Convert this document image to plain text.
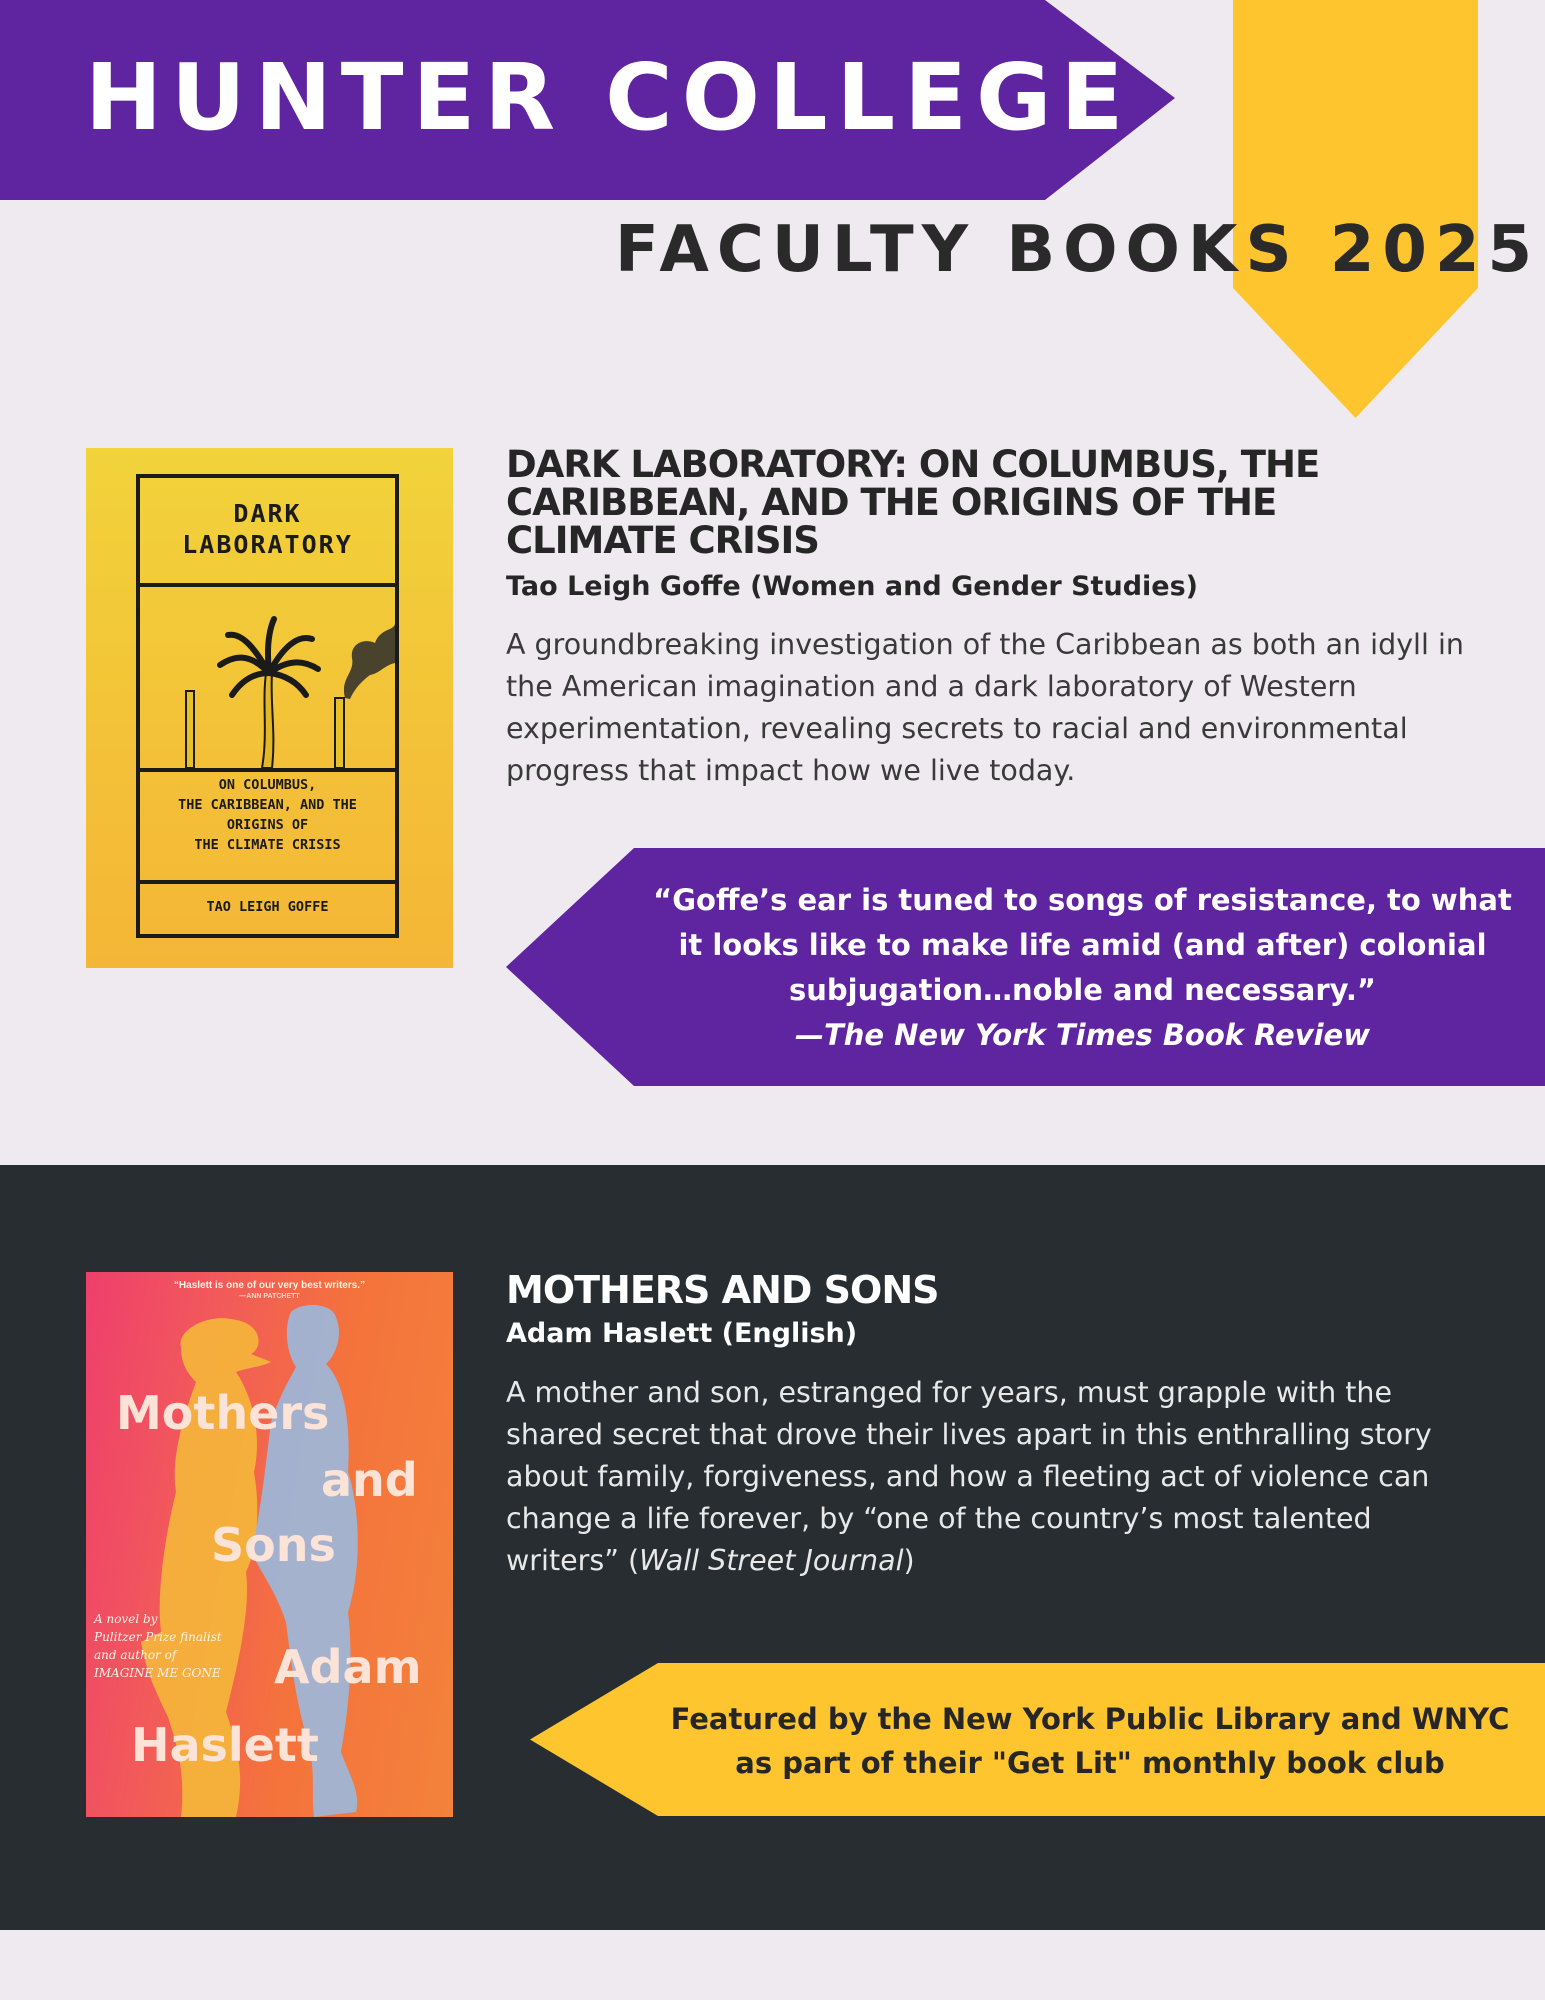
HUNTER COLLEGE
FACULTY BOOKS 2025
DARK
LABORATORY
ON COLUMBUS,
THE CARIBBEAN, AND THE
ORIGINS OF
THE CLIMATE CRISIS
TAO LEIGH GOFFE
DARK LABORATORY: ON COLUMBUS, THE CARIBBEAN, AND THE ORIGINS OF THE CLIMATE CRISIS
Tao Leigh Goffe (Women and Gender Studies)
A groundbreaking investigation of the Caribbean as both an idyll in the American imagination and a dark laboratory of Western experimentation, revealing secrets to racial and environmental progress that impact how we live today.
“Goffe’s ear is tuned to songs of resistance, to what it looks like to make life amid (and after) colonial subjugation…noble and necessary.”
—The New York Times Book Review
“Haslett is one of our very best writers.”
—ANN PATCHETT
Mothers
and
Sons
Adam
Haslett
A novel by
Pulitzer Prize finalist
and author of
IMAGINE ME GONE
MOTHERS AND SONS
Adam Haslett (English)
A mother and son, estranged for years, must grapple with the shared secret that drove their lives apart in this enthralling story about family, forgiveness, and how a fleeting act of violence can change a life forever, by “one of the country’s most talented writers” (Wall Street Journal)
Featured by the New York Public Library and WNYC as part of their "Get Lit" monthly book club
